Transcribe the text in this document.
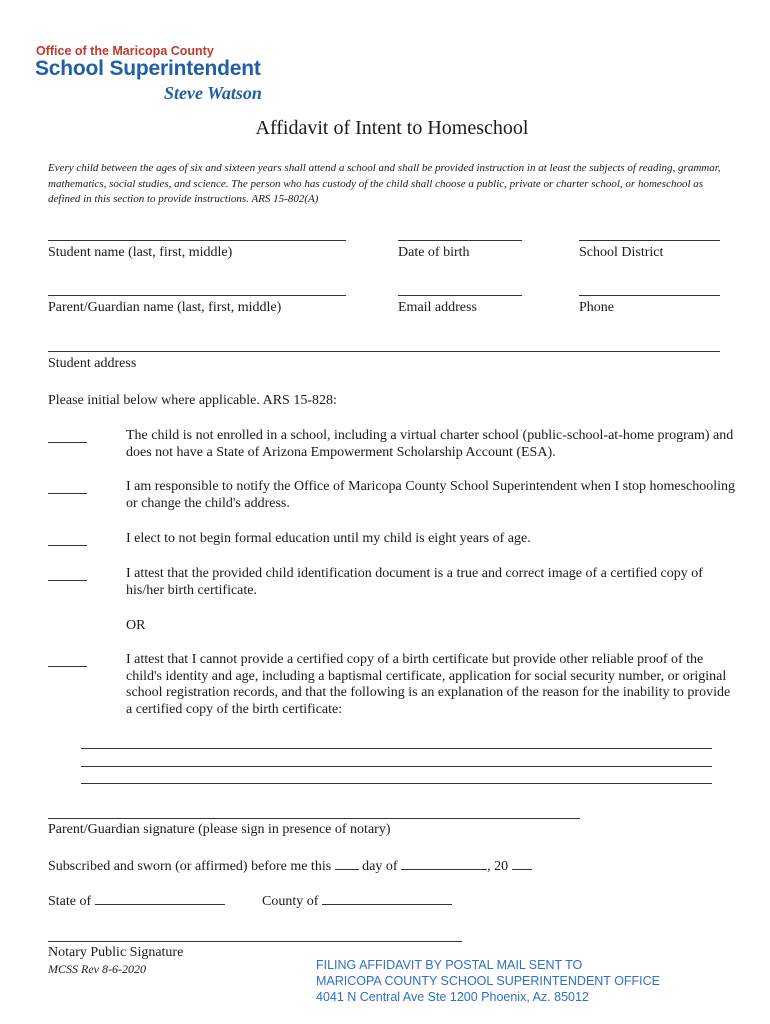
Office of the Maricopa County
School Superintendent
Steve Watson
Affidavit of Intent to Homeschool
Every child between the ages of six and sixteen years shall attend a school and shall be provided instruction in at least the subjects of reading, grammar, mathematics, social studies, and science. The person who has custody of the child shall choose a public, private or charter school, or homeschool as defined in this section to provide instructions. ARS 15-802(A)
Student name (last, first, middle)	Date of birth	School District
Parent/Guardian name (last, first, middle)	Email address	Phone
Student address
Please initial below where applicable. ARS 15-828:
The child is not enrolled in a school, including a virtual charter school (public-school-at-home program) and does not have a State of Arizona Empowerment Scholarship Account (ESA).
I am responsible to notify the Office of Maricopa County School Superintendent when I stop homeschooling or change the child's address.
I elect to not begin formal education until my child is eight years of age.
I attest that the provided child identification document is a true and correct image of a certified copy of his/her birth certificate.
OR
I attest that I cannot provide a certified copy of a birth certificate but provide other reliable proof of the child's identity and age, including a baptismal certificate, application for social security number, or original school registration records, and that the following is an explanation of the reason for the inability to provide a certified copy of the birth certificate:
Parent/Guardian signature (please sign in presence of notary)
Subscribed and sworn (or affirmed) before me this day of	, 20
State of	County of
Notary Public Signature
MCSS Rev 8-6-2020	FILING AFFIDAVIT BY POSTAL MAIL SENT TO
MARICOPA COUNTY SCHOOL SUPERINTENDENT OFFICE
4041 N Central Ave Ste 1200 Phoenix, Az. 85012
